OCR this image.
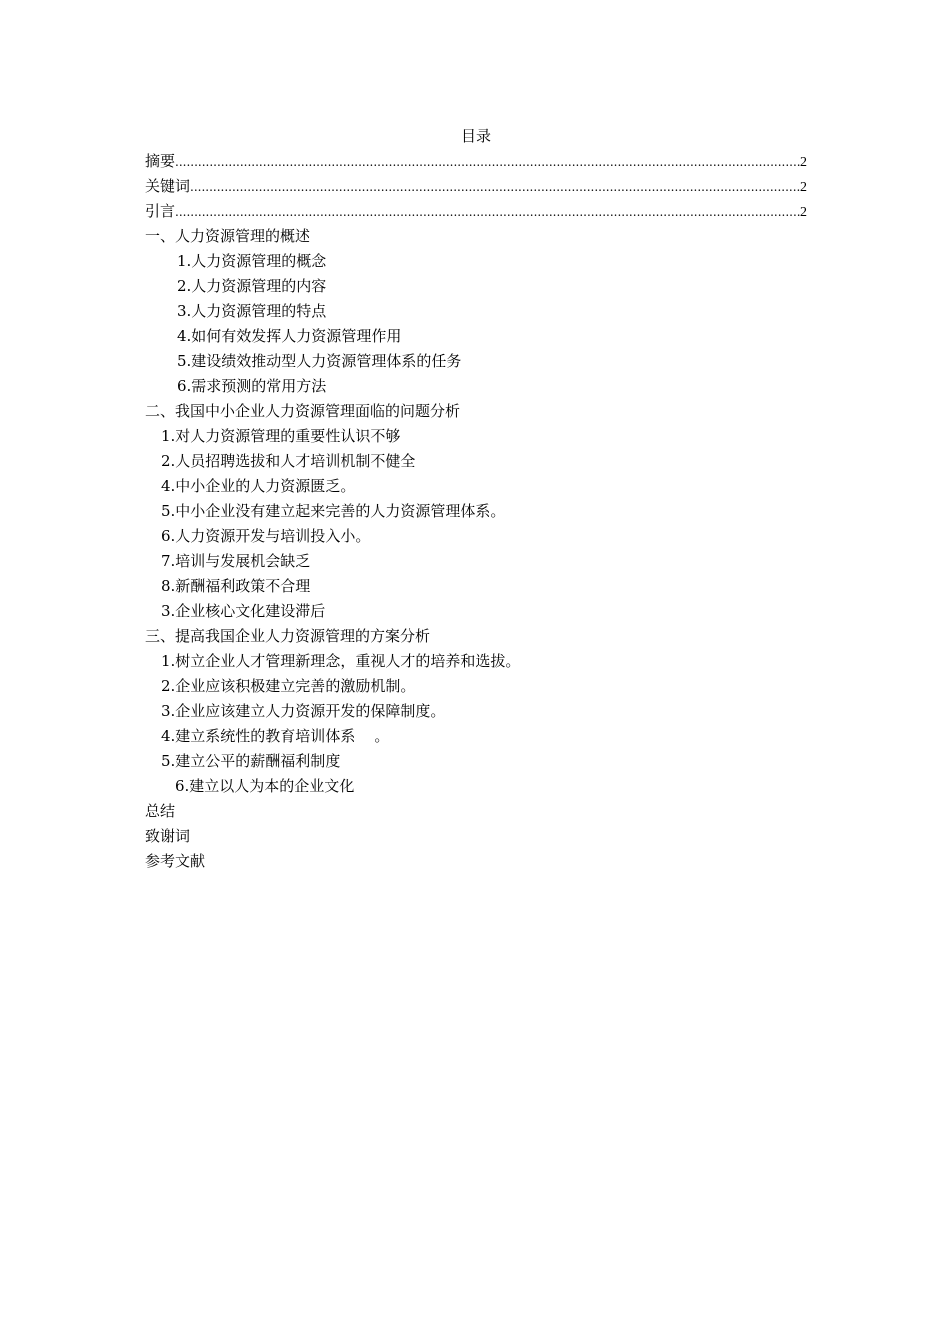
目录
摘要 .....	2
关键词 .....	2
引言 .....	2
一、人力资源管理的概述
1.人力资源管理的概念
2.人力资源管理的内容
3.人力资源管理的特点
4.如何有效发挥人力资源管理作用
5.建设绩效推动型人力资源管理体系的任务
6.需求预测的常用方法
二、我国中小企业人力资源管理面临的问题分析
1.对人力资源管理的重要性认识不够
2.人员招聘选拔和人才培训机制不健全
4.中小企业的人力资源匮乏。
5.中小企业没有建立起来完善的人力资源管理体系。
6.人力资源开发与培训投入小。
7.培训与发展机会缺乏
8.新酬福利政策不合理
3.企业核心文化建设滞后
三、提高我国企业人力资源管理的方案分析
1.树立企业人才管理新理念，重视人才的培养和选拔。
2.企业应该积极建立完善的激励机制。
3.企业应该建立人力资源开发的保障制度。
4.建立系统性的教育培训体系    。
5.建立公平的薪酬福利制度
6.建立以人为本的企业文化
总结
致谢词
参考文献
